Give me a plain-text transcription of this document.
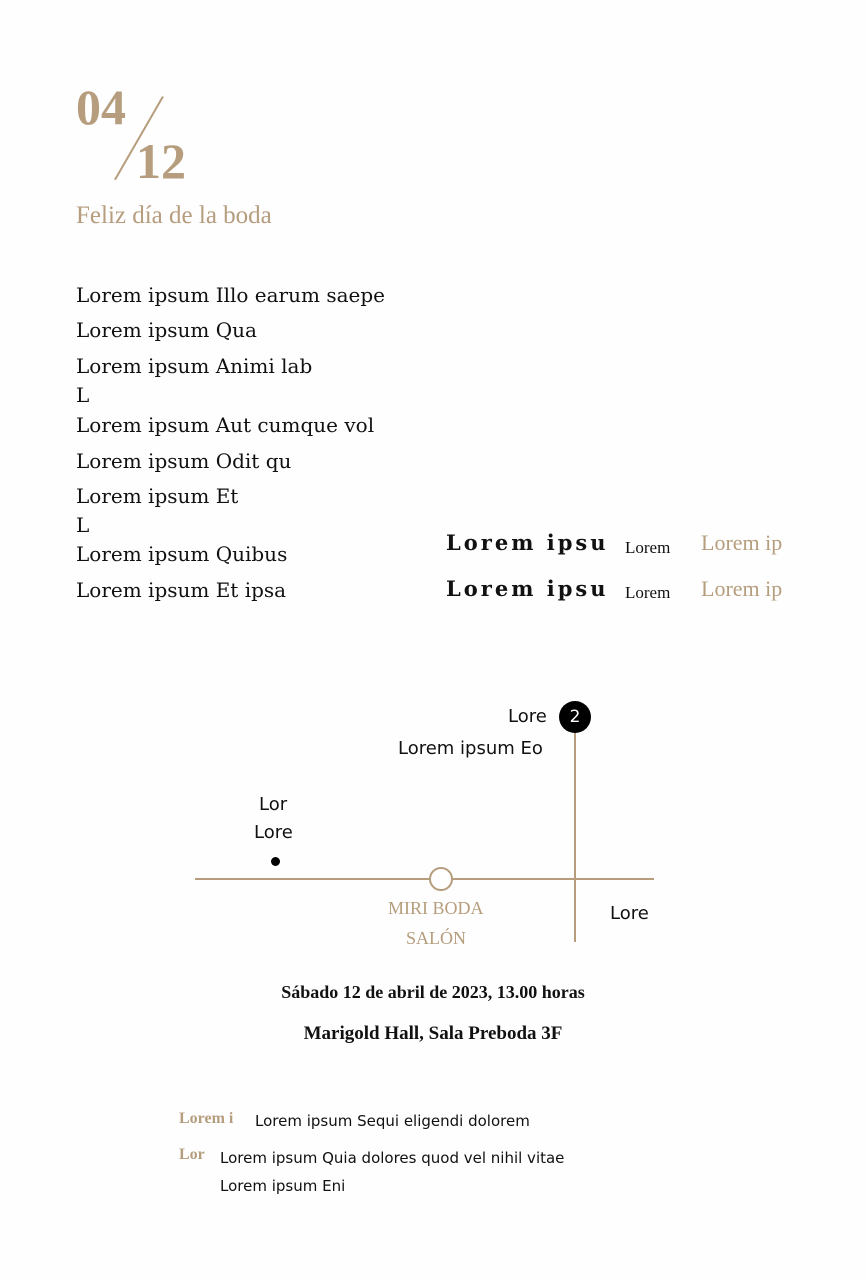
04
12
Feliz día de la boda
Lorem ipsum Illo earum saepe
Lorem ipsum Qua
Lorem ipsum Animi lab
L
Lorem ipsum Aut cumque vol
Lorem ipsum Odit qu
Lorem ipsum Et
L
Lorem ipsum Quibus
Lorem ipsum Et ipsa
Lorem ipsu Lorem Lorem ip
Lorem ipsu Lorem Lorem ip
Lore	2
Lorem ipsum Eo
Lor
Lore
MIRI BODA
SALÓN
Lore
Sábado 12 de abril de 2023, 13.00 horas
Marigold Hall, Sala Preboda 3F
Lorem i Lorem ipsum Sequi eligendi dolorem
Lor Lorem ipsum Quia dolores quod vel nihil vitae
Lorem ipsum Eni
